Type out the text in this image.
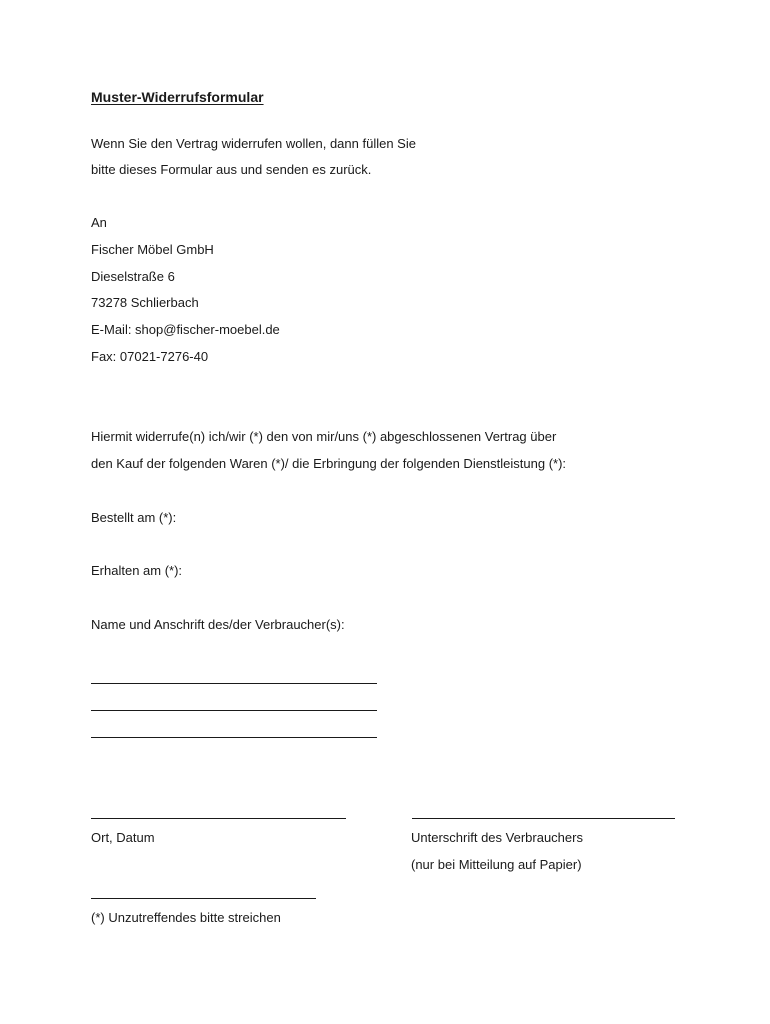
Muster-Widerrufsformular
Wenn Sie den Vertrag widerrufen wollen, dann füllen Sie
bitte dieses Formular aus und senden es zurück.
An
Fischer Möbel GmbH
Dieselstraße 6
73278 Schlierbach
E-Mail: shop@fischer-moebel.de
Fax: 07021-7276-40
Hiermit widerrufe(n) ich/wir (*) den von mir/uns (*) abgeschlossenen Vertrag über
den Kauf der folgenden Waren (*)/ die Erbringung der folgenden Dienstleistung (*):
Bestellt am (*):
Erhalten am (*):
Name und Anschrift des/der Verbraucher(s):
Ort, Datum	Unterschrift des Verbrauchers
(nur bei Mitteilung auf Papier)
(*) Unzutreffendes bitte streichen
